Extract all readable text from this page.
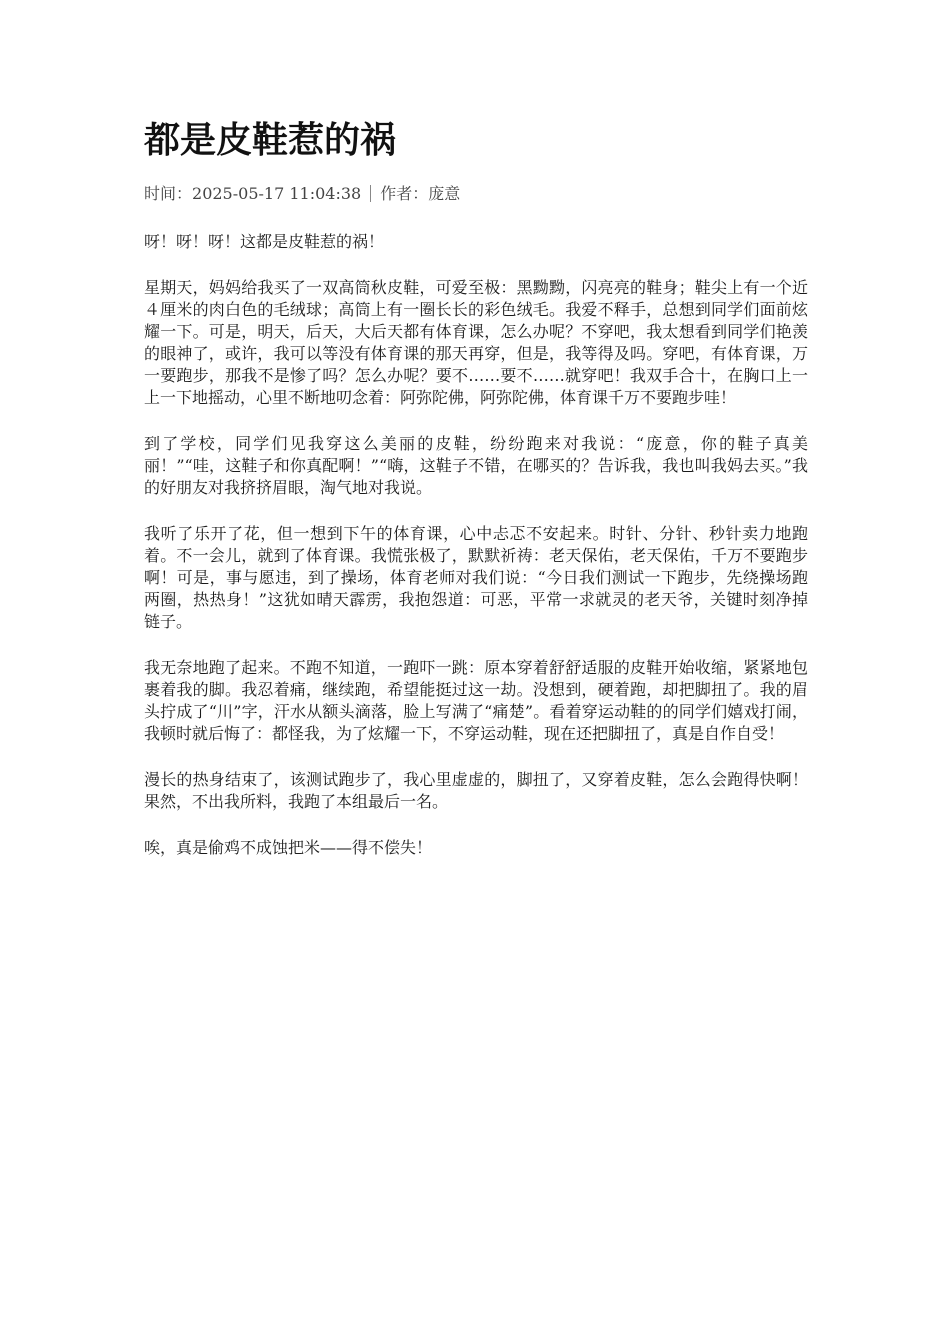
都是皮鞋惹的祸
时间：2025-05-17 11:04:38 作者：庞意

呀！呀！呀！这都是皮鞋惹的祸！

星期天，妈妈给我买了一双高筒秋皮鞋，可爱至极：黑黝黝，闪亮亮的鞋身；鞋尖上有一个近４厘米的肉白色的毛绒球；高筒上有一圈长长的彩色绒毛。我爱不释手，总想到同学们面前炫耀一下。可是，明天，后天，大后天都有体育课，怎么办呢？不穿吧，我太想看到同学们艳羡的眼神了，或许，我可以等没有体育课的那天再穿，但是，我等得及吗。穿吧，有体育课，万一要跑步，那我不是惨了吗？怎么办呢？要不……要不……就穿吧！我双手合十，在胸口上一上一下地摇动，心里不断地叨念着：阿弥陀佛，阿弥陀佛，体育课千万不要跑步哇！

到了学校，同学们见我穿这么美丽的皮鞋，纷纷跑来对我说：“庞意，你的鞋子真美丽！”“哇，这鞋子和你真配啊！”“嗨，这鞋子不错，在哪买的？告诉我，我也叫我妈去买。”我的好朋友对我挤挤眉眼，淘气地对我说。

我听了乐开了花，但一想到下午的体育课，心中忐忑不安起来。时针、分针、秒针卖力地跑着。不一会儿，就到了体育课。我慌张极了，默默祈祷：老天保佑，老天保佑，千万不要跑步啊！可是，事与愿违，到了操场，体育老师对我们说：“今日我们测试一下跑步，先绕操场跑两圈，热热身！”这犹如晴天霹雳，我抱怨道：可恶，平常一求就灵的老天爷，关键时刻净掉链子。

我无奈地跑了起来。不跑不知道，一跑吓一跳：原本穿着舒舒适服的皮鞋开始收缩，紧紧地包裹着我的脚。我忍着痛，继续跑，希望能挺过这一劫。没想到，硬着跑，却把脚扭了。我的眉头拧成了“川”字，汗水从额头滴落，脸上写满了“痛楚”。看着穿运动鞋的的同学们嬉戏打闹，我顿时就后悔了：都怪我，为了炫耀一下，不穿运动鞋，现在还把脚扭了，真是自作自受！

漫长的热身结束了，该测试跑步了，我心里虚虚的，脚扭了，又穿着皮鞋，怎么会跑得快啊！果然，不出我所料，我跑了本组最后一名。

唉，真是偷鸡不成蚀把米——得不偿失！
